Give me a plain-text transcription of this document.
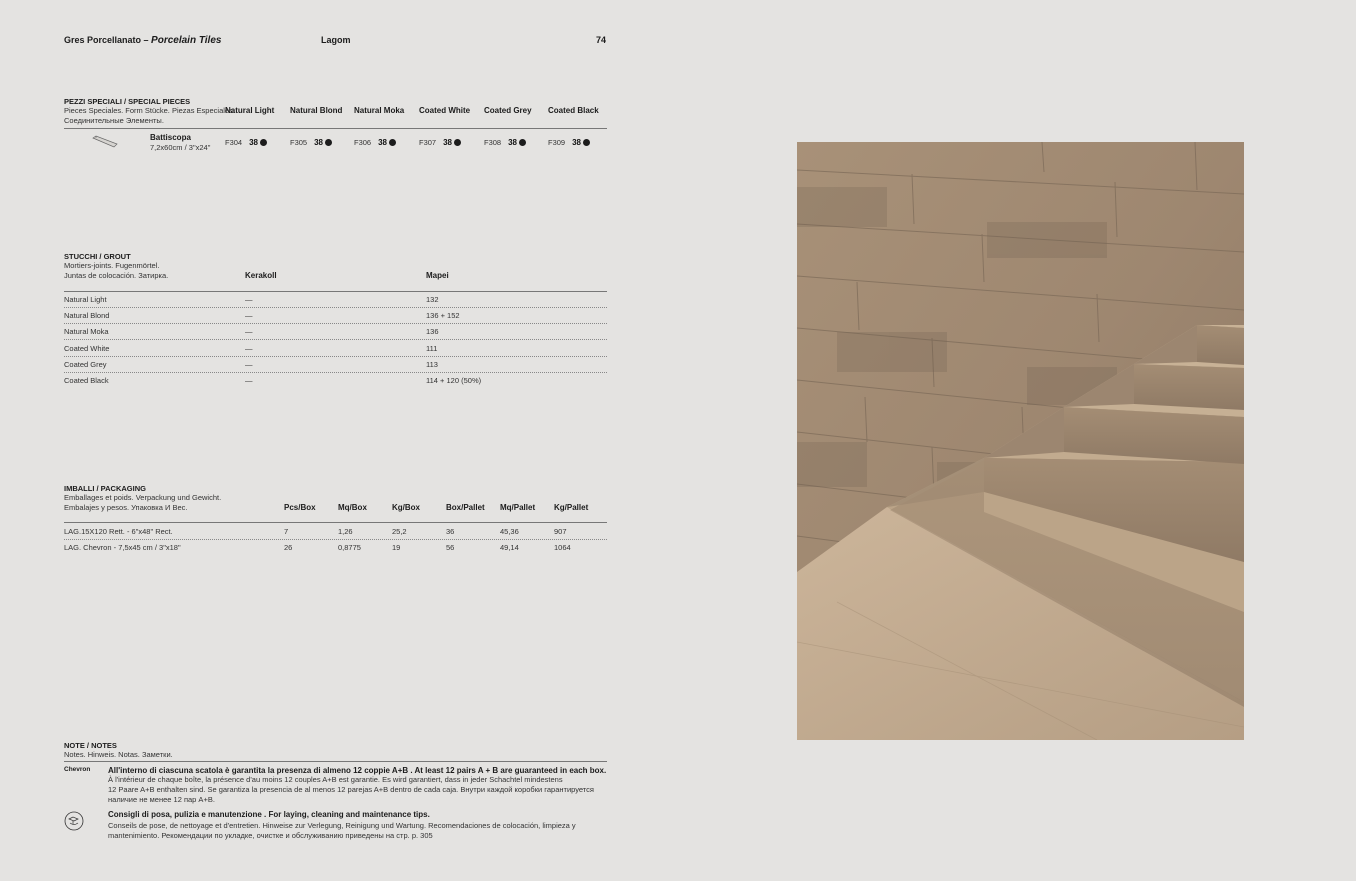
Gres Porcellanato – Porcelain Tiles	Lagom	74
PEZZI SPECIALI / SPECIAL PIECES
Pieces Speciales. Form Stücke. Piezas Especiales.
Соединительные Элементы.
Natural Light Natural Blond Natural Moka Coated White Coated Grey Coated Black
Battiscopa
7,2x60cm / 3"x24"
F304 38	F305 38	F306 38	F307 38	F308 38	F309 38
STUCCHI / GROUT
Mortiers-joints. Fugenmörtel.
Juntas de colocación. Затирка.	Kerakoll	Mapei
Natural Light	—	132
Natural Blond	—	136 + 152
Natural Moka	—	136
Coated White	—	111
Coated Grey	—	113
Coated Black	—	114 + 120 (50%)
IMBALLI / PACKAGING
Emballages et poids. Verpackung und Gewicht.
Embalajes y pesos. Упаковка И Вес.	Pcs/Box	Mq/Box	Kg/Box	Box/Pallet Mq/Pallet Kg/Pallet
LAG.15X120 Rett. - 6"x48" Rect.	7	1,26	25,2	36	45,36	907
LAG. Chevron - 7,5x45 cm / 3"x18"	26	0,8775	19	56	49,14	1064
NOTE / NOTES
Notes. Hinweis. Notas. Заметки.
Chevron All'interno di ciascuna scatola è garantita la presenza di almeno 12 coppie A+B . At least 12 pairs A + B are guaranteed in each box.
À l'intérieur de chaque boîte, la présence d'au moins 12 couples A+B est garantie. Es wird garantiert, dass in jeder Schachtel mindestens
12 Paare A+B enthalten sind. Se garantiza la presencia de al menos 12 parejas A+B dentro de cada caja. Внутри каждой коробки гарантируется
наличие не менее 12 пар A+B.
Consigli di posa, pulizia e manutenzione . For laying, cleaning and maintenance tips.
Conseils de pose, de nettoyage et d'entretien. Hinweise zur Verlegung, Reinigung und Wartung. Recomendaciones de colocación, limpieza y
mantenimiento. Рекомендации по укладке, очистке и обслуживанию приведены на стр. p. 305
